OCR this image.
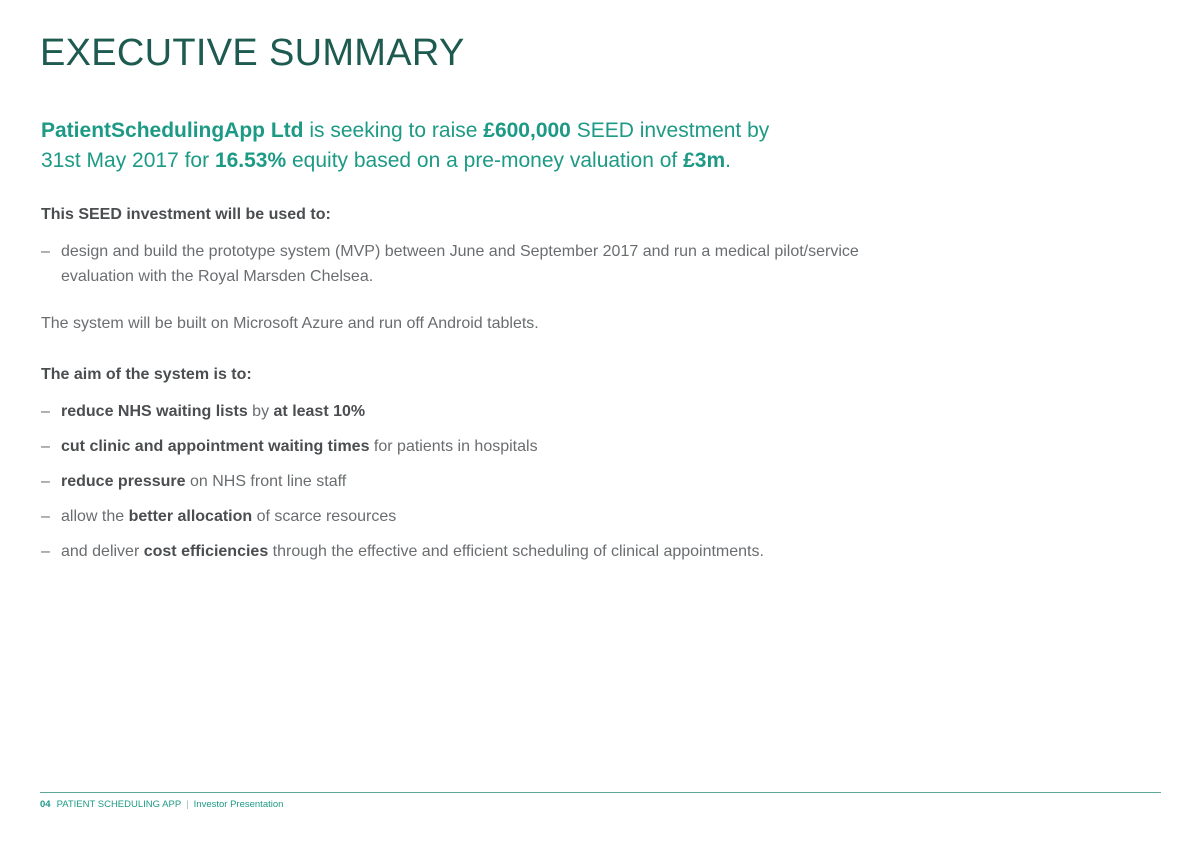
EXECUTIVE SUMMARY

PatientSchedulingApp Ltd is seeking to raise £600,000 SEED investment by
31st May 2017 for 16.53% equity based on a pre-money valuation of £3m.

This SEED investment will be used to:

– design and build the prototype system (MVP) between June and September 2017 and run a medical pilot/service
evaluation with the Royal Marsden Chelsea.

The system will be built on Microsoft Azure and run off Android tablets.

The aim of the system is to:

– reduce NHS waiting lists by at least 10%

– cut clinic and appointment waiting times for patients in hospitals

– reduce pressure on NHS front line staff

– allow the better allocation of scarce resources

– and deliver cost efficiencies through the effective and efficient scheduling of clinical appointments.

04 PATIENT SCHEDULING APP | Investor Presentation
